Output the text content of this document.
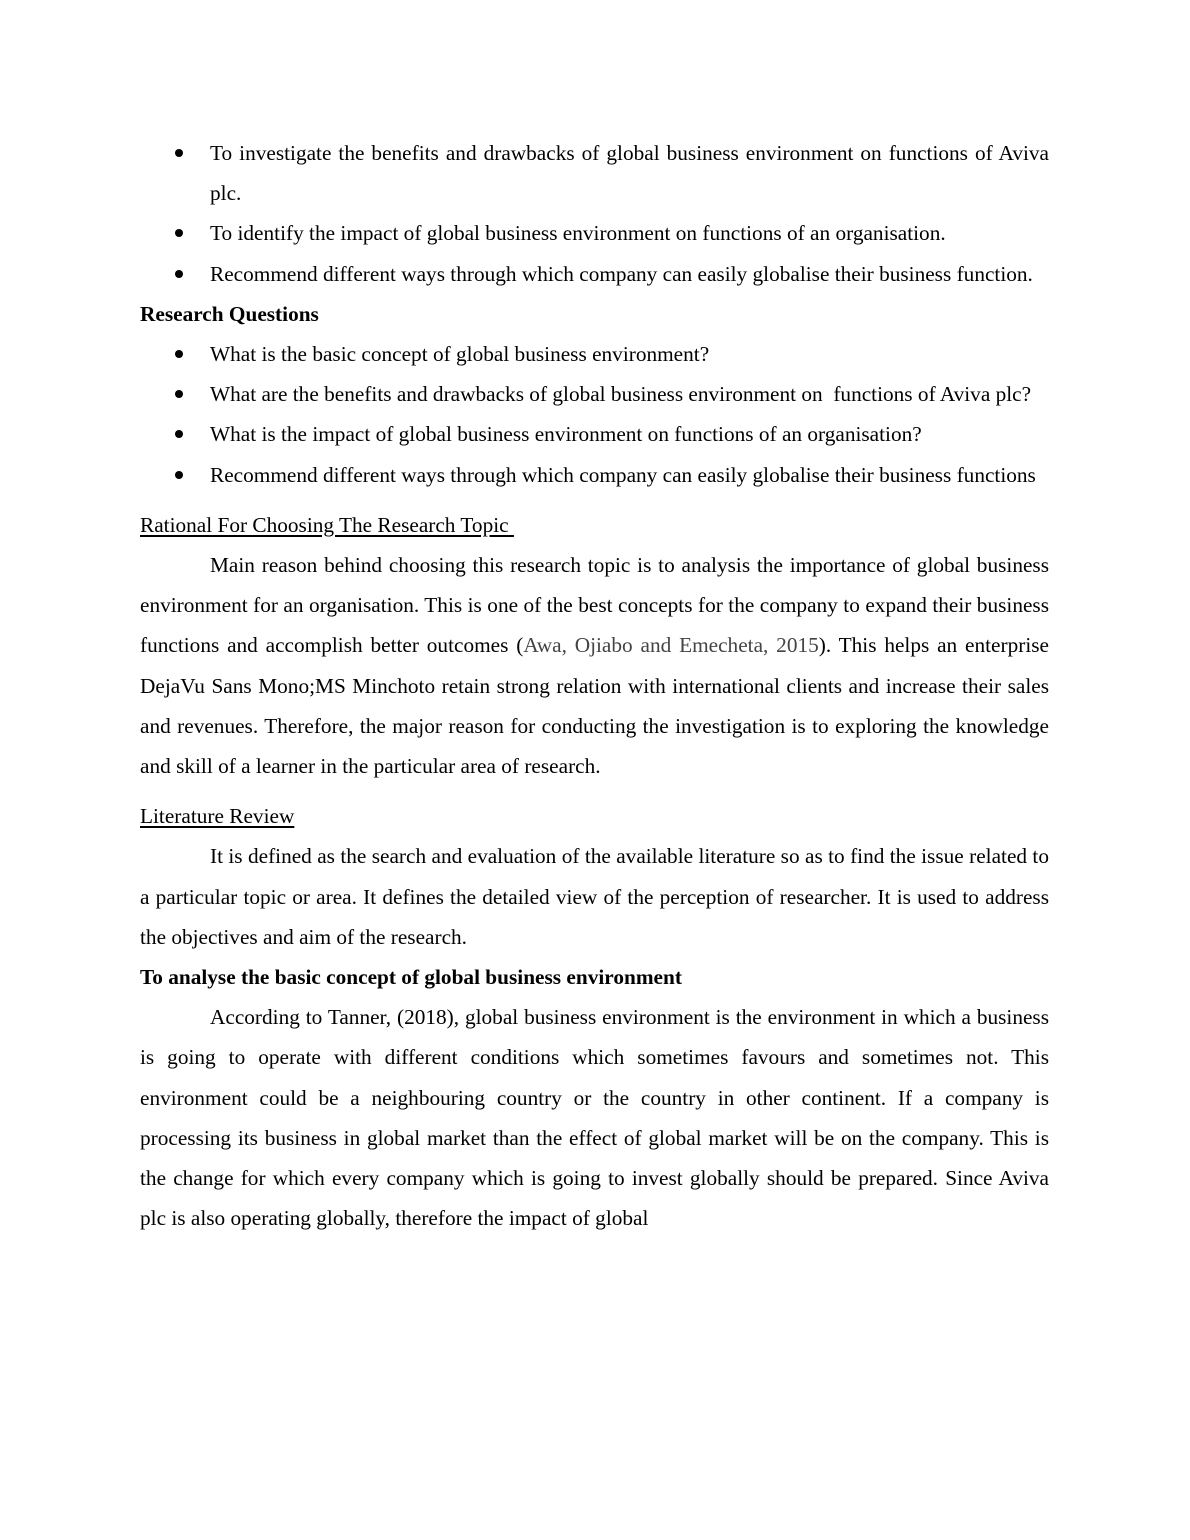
To investigate the benefits and drawbacks of global business environment on functions of Aviva plc.
To identify the impact of global business environment on functions of an organisation.
Recommend different ways through which company can easily globalise their business function.
Research Questions
What is the basic concept of global business environment?
What are the benefits and drawbacks of global business environment on  functions of Aviva plc?
What is the impact of global business environment on functions of an organisation?
Recommend different ways through which company can easily globalise their business functions
Rational For Choosing The Research Topic

Main reason behind choosing this research topic is to analysis the importance of global business environment for an organisation. This is one of the best concepts for the company to expand their business functions and accomplish better outcomes (Awa, Ojiabo and Emecheta, 2015). This helps an enterprise DejaVu Sans Mono;MS Minchoto retain strong relation with international clients and increase their sales and revenues. Therefore, the major reason for conducting the investigation is to exploring the knowledge and skill of a learner in the particular area of research.

Literature Review

It is defined as the search and evaluation of the available literature so as to find the issue related to a particular topic or area. It defines the detailed view of the perception of researcher. It is used to address the objectives and aim of the research.

To analyse the basic concept of global business environment

According to Tanner, (2018), global business environment is the environment in which a business is going to operate with different conditions which sometimes favours and sometimes not. This environment could be a neighbouring country or the country in other continent. If a company is processing its business in global market than the effect of global market will be on the company. This is the change for which every company which is going to invest globally should be prepared. Since Aviva plc is also operating globally, therefore the impact of global
